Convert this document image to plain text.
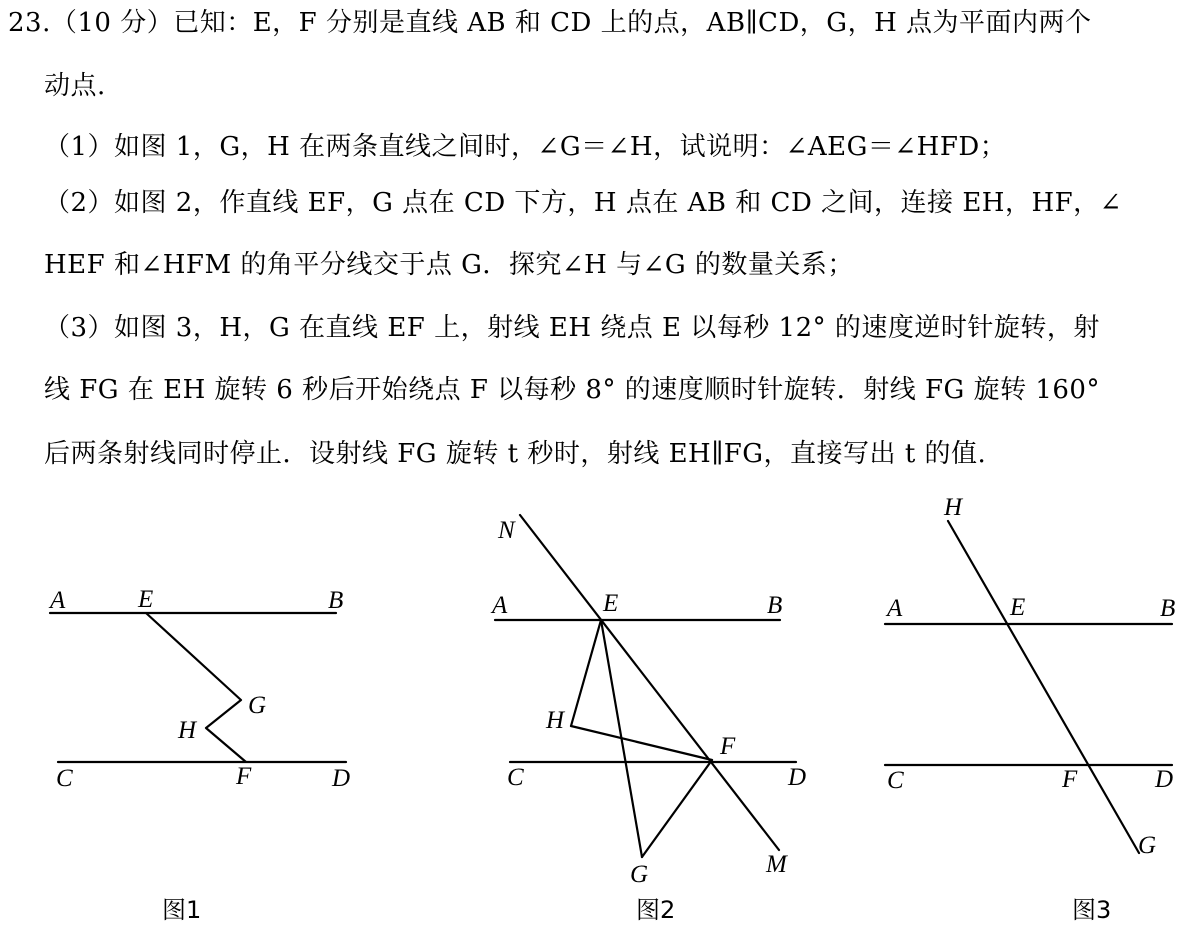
23.（10 分）已知：E，F 分别是直线 AB 和 CD 上的点，AB∥CD，G，H 点为平面内两个
动点.
（1）如图 1，G，H 在两条直线之间时，∠G＝∠H，试说明：∠AEG＝∠HFD；
（2）如图 2，作直线 EF，G 点在 CD 下方，H 点在 AB 和 CD 之间，连接 EH，HF，∠
HEF 和∠HFM 的角平分线交于点 G．探究∠H 与∠G 的数量关系；
（3）如图 3，H，G 在直线 EF 上，射线 EH 绕点 E 以每秒 12° 的速度逆时针旋转，射
线 FG 在 EH 旋转 6 秒后开始绕点 F 以每秒 8° 的速度顺时针旋转．射线 FG 旋转 160°
后两条射线同时停止．设射线 FG 旋转 t 秒时，射线 EH∥FG，直接写出 t 的值.
A	E	B
G
H
C	F	D
图1
N
A	E	B
H
F
C	D
G	M
图2
H
A	E	B
C	F	D
G
图3
